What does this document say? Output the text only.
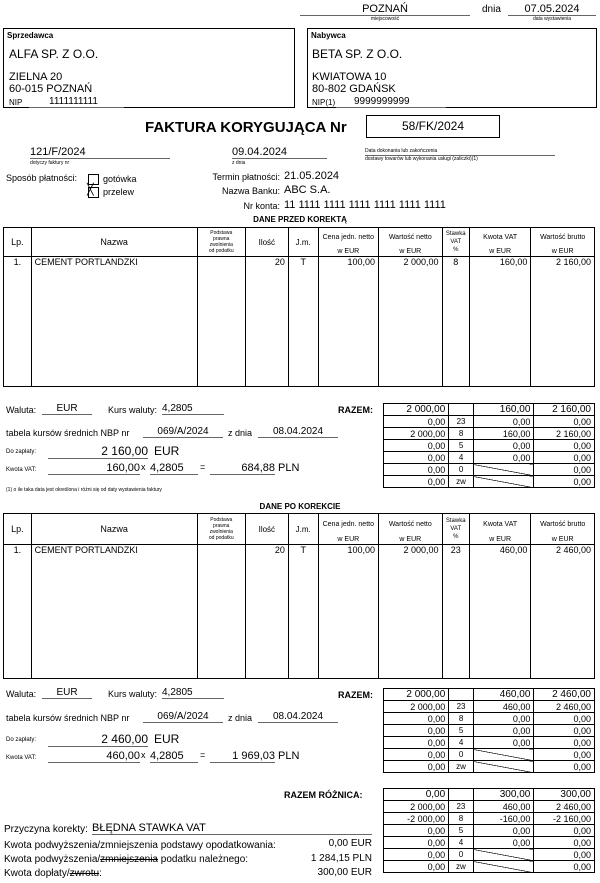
POZNAŃ
miejscowość
dnia	07.05.2024
data wystawienia
Sprzedawca
ALFA SP. Z O.O.
ZIELNA 20
60-015 POZNAŃ
NIP	1111111111
Nabywca
BETA SP. Z O.O.
KWIATOWA 10
80-802 GDAŃSK
NIP(1)	9999999999
FAKTURA KORYGUJĄCA Nr	58/FK/2024
121/F/2024
dotyczy faktury nr
09.04.2024
z dnia
Data dokonania lub zakończenia
dostawy towarów lub wykonania usługi (zaliczki)(1)
Sposób płatności:	gotówka
╳ przelew
Termin płatności: 21.05.2024
Nazwa Banku: ABC S.A.
Nr konta: 11 1111 1111 1111 1111 1111 1111
DANE PRZED KOREKTĄ
Lp.	Nazwa	Podstawa
prawna
zwolnienia
od podatku	Ilość	J.m.	Cena jedn. netto	Wartość netto	Stawka
VAT
%	Kwota VAT	Wartość brutto
					w EUR	w EUR		w EUR	w EUR
1.	CEMENT PORTLANDZKI		20	T	100,00	2 000,00	8	160,00	2 160,00
RAZEM:	2 000,00		160,00	2 160,00
0,00	23	0,00	0,00
2 000,00	8	160,00	2 160,00
0,00	5	0,00	0,00
0,00	4	0,00	0,00
0,00	0		0,00
0,00	zw		0,00
Waluta:	EUR	Kurs waluty: 4,2805
tabela kursów średnich NBP nr	069/A/2024	z dnia	08.04.2024
Do zapłaty:	2 160,00 EUR
Kwota VAT:	160,00 x 4,2805	=	684,88 PLN
(1) o ile taka data jest określona i różni się od daty wystawienia faktury
DANE PO KOREKCIE
Lp.	Nazwa	Podstawa
prawna
zwolnienia
od podatku	Ilość	J.m.	Cena jedn. netto	Wartość netto	Stawka
VAT
%	Kwota VAT	Wartość brutto
					w EUR	w EUR		w EUR	w EUR
1.	CEMENT PORTLANDZKI		20	T	100,00	2 000,00	23	460,00	2 460,00
RAZEM:	2 000,00		460,00	2 460,00
2 000,00	23	460,00	2 460,00
0,00	8	0,00	0,00
0,00	5	0,00	0,00
0,00	4	0,00	0,00
0,00	0		0,00
0,00	zw		0,00
Waluta:	EUR	Kurs waluty: 4,2805
tabela kursów średnich NBP nr	069/A/2024	z dnia	08.04.2024
Do zapłaty:	2 460,00 EUR
Kwota VAT:	460,00 x 4,2805	=	1 969,03 PLN
RAZEM RÓŻNICA:	0,00		300,00	300,00
2 000,00	23	460,00	2 460,00
-2 000,00	8	-160,00	-2 160,00
0,00	5	0,00	0,00
0,00	4	0,00	0,00
0,00	0		0,00
0,00	zw		0,00
Przyczyna korekty: BŁĘDNA STAWKA VAT
Kwota podwyższenia/zmniejszenia podstawy opodatkowania:	0,00 EUR
Kwota podwyższenia/zmniejszenia podatku należnego:	1 284,15 PLN
Kwota dopłaty/zwrotu:	300,00 EUR
